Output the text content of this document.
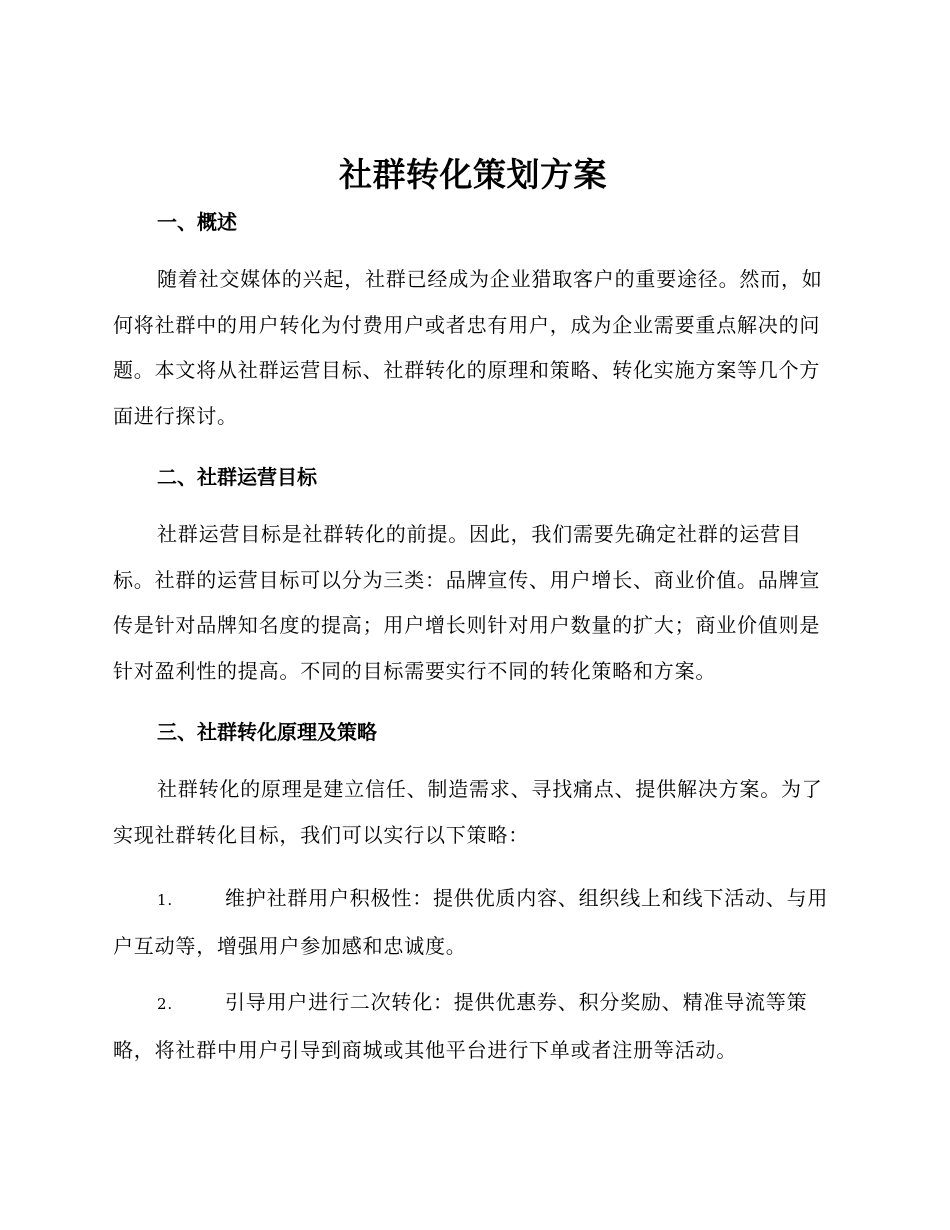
社群转化策划方案
一、概述

随着社交媒体的兴起，社群已经成为企业猎取客户的重要途径。然而，如何将社群中的用户转化为付费用户或者忠有用户，成为企业需要重点解决的问题。本文将从社群运营目标、社群转化的原理和策略、转化实施方案等几个方面进行探讨。

二、社群运营目标

社群运营目标是社群转化的前提。因此，我们需要先确定社群的运营目标。社群的运营目标可以分为三类：品牌宣传、用户增长、商业价值。品牌宣传是针对品牌知名度的提高；用户增长则针对用户数量的扩大；商业价值则是针对盈利性的提高。不同的目标需要实行不同的转化策略和方案。

三、社群转化原理及策略

社群转化的原理是建立信任、制造需求、寻找痛点、提供解决方案。为了实现社群转化目标，我们可以实行以下策略：

1.	维护社群用户积极性：提供优质内容、组织线上和线下活动、与用户互动等，增强用户参加感和忠诚度。

2.	引导用户进行二次转化：提供优惠券、积分奖励、精准导流等策略，将社群中用户引导到商城或其他平台进行下单或者注册等活动。
